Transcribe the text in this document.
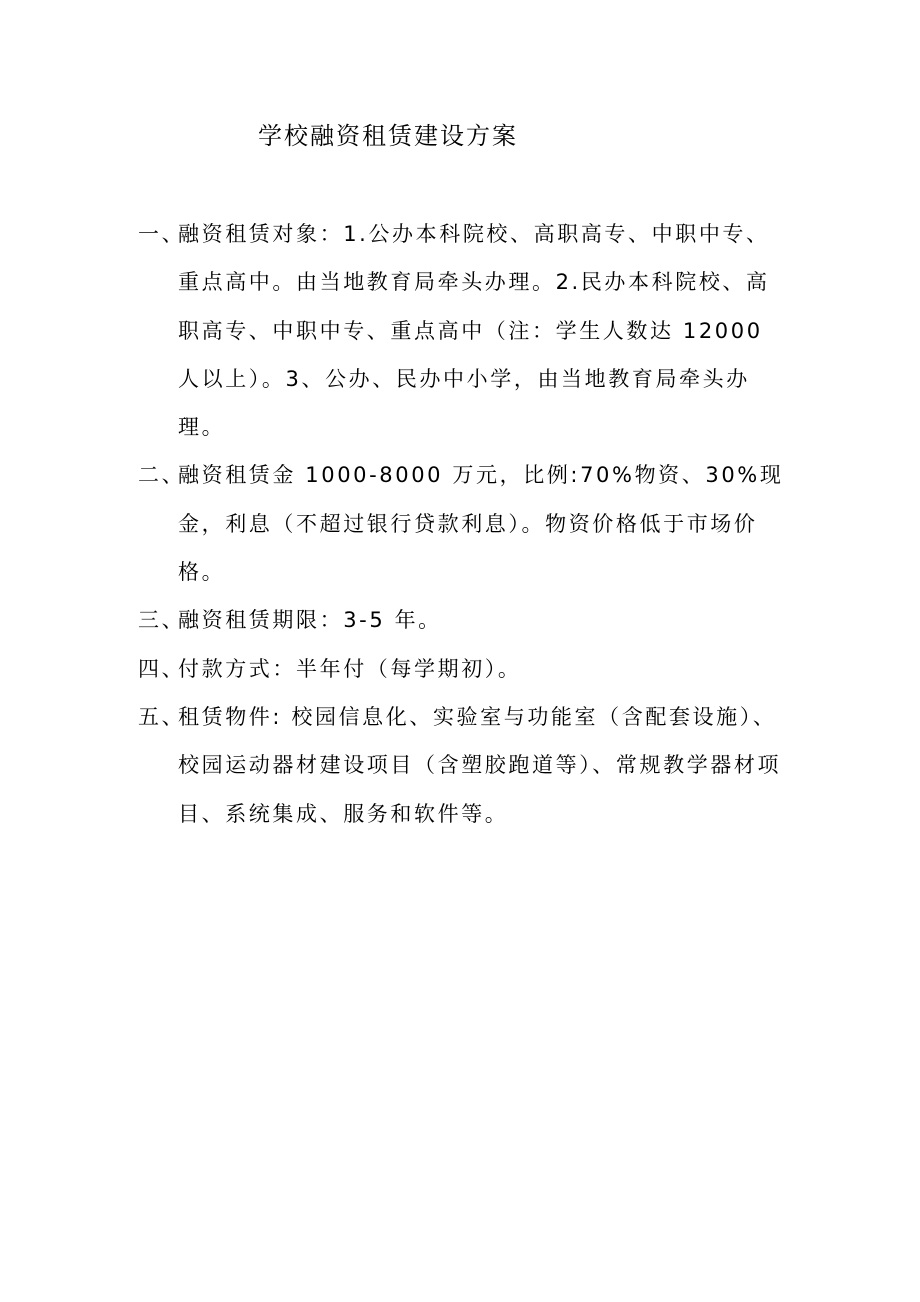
学校融资租赁建设方案
一、
融资租赁对象：1.公办本科院校、高职高专、中职中专、重点高中。由当地教育局牵头办理。2.民办本科院校、高职高专、中职中专、重点高中（注：学生人数达 12000 人以上）。3、公办、民办中小学，由当地教育局牵头办理。
二、
融资租赁金 1000-8000 万元，比例:70%物资、30%现金，利息（不超过银行贷款利息）。物资价格低于市场价格。
三、
融资租赁期限：3-5 年。
四、
付款方式：半年付（每学期初）。
五、
租赁物件: 校园信息化、实验室与功能室（含配套设施）、校园运动器材建设项目（含塑胶跑道等）、常规教学器材项目、系统集成、服务和软件等。
